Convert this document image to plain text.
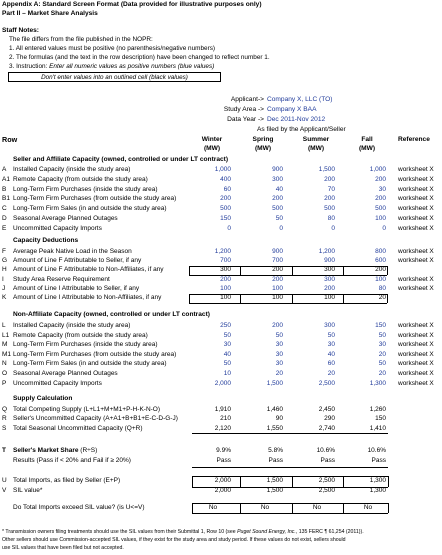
Appendix A: Standard Screen Format (Data provided for illustrative purposes only)
Part II – Market Share Analysis
Staff Notes:
The file differs from the file published in the NOPR:
1. All entered values must be positive (no parenthesis/negative numbers)
2. The formulas (and the text in the row description) have been changed to reflect number 1.
3. Instruction: Enter all numeric values as positive numbers (blue values)
Don't enter values into an outlined cell (black values)
Applicant-> Company X, LLC (TO)
Study Area -> Company X BAA
Data Year -> Dec 2011-Nov 2012
As filed by the Applicant/Seller
Row	Winter	Spring	Summer	Fall	Reference
(MW)	(MW)	(MW)	(MW)
Seller and Affiliate Capacity (owned, controlled or under LT contract)
Capacity Deductions
Non-Affiliate Capacity (owned, controlled or under LT contract)
Supply Calculation
A Installed Capacity (inside the study area)	1,000	900	1,500	1,000 worksheet X
A1 Remote Capacity (from outside the study area)	400	300	200	200 worksheet X
B Long-Term Firm Purchases (inside the study area)	60	40	70	30 worksheet X
B1 Long-Term Firm Purchases (from outside the study area)	200	200	200	200 worksheet X
C Long-Term Firm Sales (in and outside the study area)	500	500	500	500 worksheet X
D Seasonal Average Planned Outages	150	50	80	100 worksheet X
E Uncommitted Capacity Imports	0	0	0	0 worksheet X
F Average Peak Native Load in the Season	1,200	900	1,200	800 worksheet X
G Amount of Line F Attributable to Seller, if any	700	700	900	600 worksheet X
H Amount of Line F Attributable to Non-Affiliates, if any	300	200	300	200
I Study Area Reserve Requirement	200	200	300	100 worksheet X
J Amount of Line I Attributable to Seller, if any	100	100	200	80 worksheet X
K Amount of Line I Attributable to Non-Affiliates, if any	100	100	100	20
L Installed Capacity (inside the study area)	250	200	300	150 worksheet X
L1 Remote Capacity (from outside the study area)	50	50	50	50 worksheet X
M Long-Term Firm Purchases (inside the study area)	30	30	30	30 worksheet X
M1 Long-Term Firm Purchases (from outside the study area)	40	30	40	20 worksheet X
N Long-Term Firm Sales (in and outside the study area)	50	30	60	50 worksheet X
O Seasonal Average Planned Outages	10	20	20	20 worksheet X
P Uncommitted Capacity Imports	2,000	1,500	2,500	1,300 worksheet X
Q Total Competing Supply (L+L1+M+M1+P-H-K-N-O)	1,910	1,460	2,450	1,260
R Seller's Uncommitted Capacity (A+A1+B+B1+E-C-D-G-J)	210	90	290	150
S Total Seasonal Uncommitted Capacity (Q+R)	2,120	1,550	2,740	1,410
T Seller's Market Share (R÷S)	9.9%	5.8%	10.6%	10.6%
Results (Pass if < 20% and Fail if ≥ 20%)	Pass	Pass	Pass	Pass
U Total Imports, as filed by Seller (E+P)	2,000	1,500	2,500	1,300
V SIL value*	2,000	1,500	2,500	1,300
Do Total Imports exceed SIL value? (is U<=V)	No	No	No	No
* Transmission owners filing treatments should use the SIL values from their Submittal 1, Row 10 (see Puget Sound Energy, Inc., 135 FERC ¶ 61,254 (2011)).
Other sellers should use Commission-accepted SIL values, if they exist for the study area and study period. If these values do not exist, sellers should
use SIL values that have been filed but not accepted.
